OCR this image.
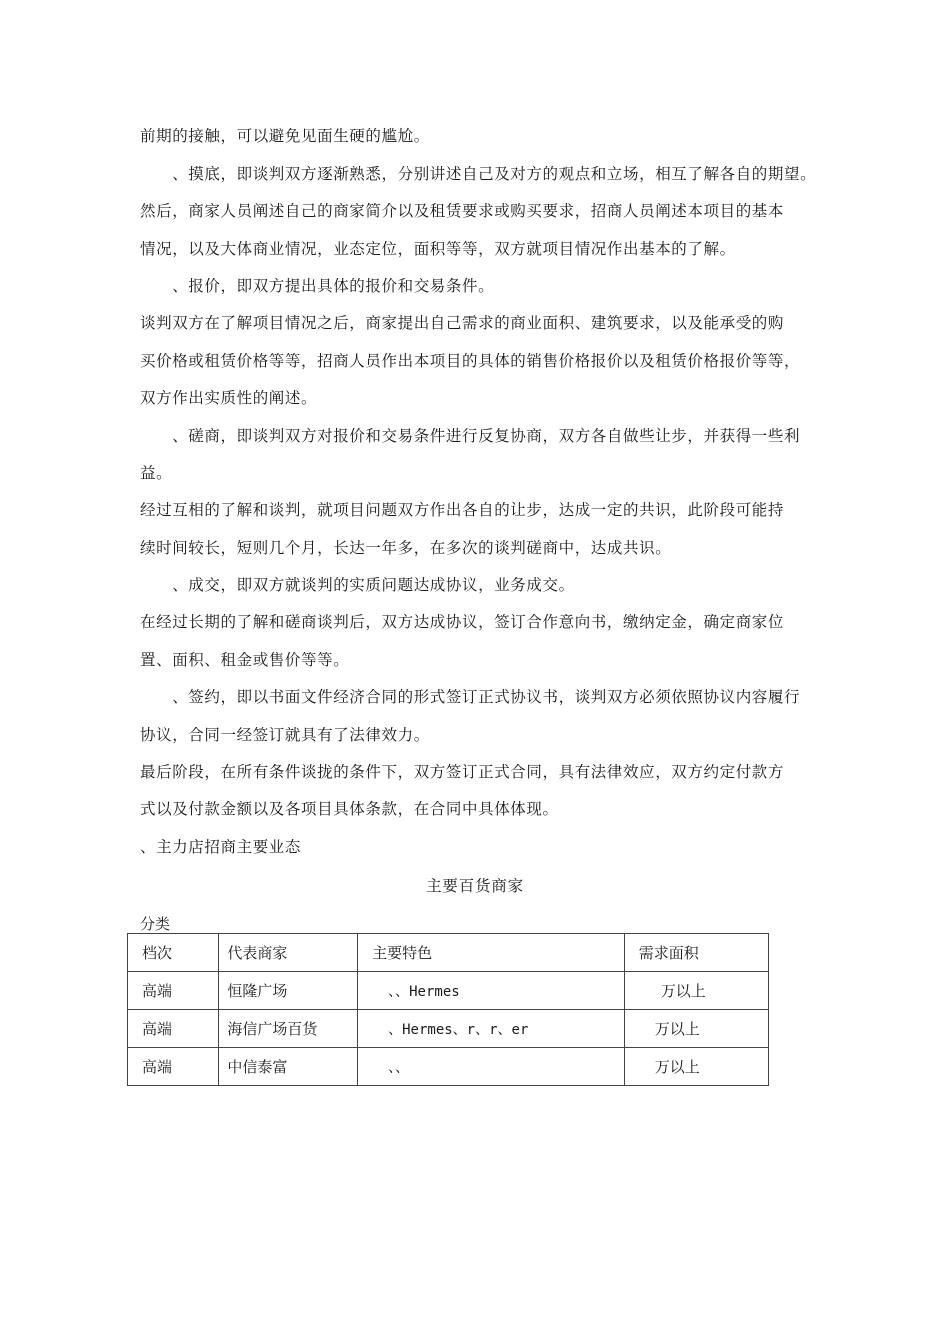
前期的接触，可以避免见面生硬的尴尬。
　　、摸底，即谈判双方逐渐熟悉，分别讲述自己及对方的观点和立场，相互了解各自的期望。
然后，商家人员阐述自己的商家简介以及租赁要求或购买要求，招商人员阐述本项目的基本
情况，以及大体商业情况，业态定位，面积等等，双方就项目情况作出基本的了解。
　　、报价，即双方提出具体的报价和交易条件。
谈判双方在了解项目情况之后，商家提出自己需求的商业面积、建筑要求，以及能承受的购
买价格或租赁价格等等，招商人员作出本项目的具体的销售价格报价以及租赁价格报价等等，
双方作出实质性的阐述。
　　、磋商，即谈判双方对报价和交易条件进行反复协商，双方各自做些让步，并获得一些利
益。
经过互相的了解和谈判，就项目问题双方作出各自的让步，达成一定的共识，此阶段可能持
续时间较长，短则几个月，长达一年多，在多次的谈判磋商中，达成共识。
　　、成交，即双方就谈判的实质问题达成协议，业务成交。
在经过长期的了解和磋商谈判后，双方达成协议，签订合作意向书，缴纳定金，确定商家位
置、面积、租金或售价等等。
　　、签约，即以书面文件经济合同的形式签订正式协议书，谈判双方必须依照协议内容履行
协议，合同一经签订就具有了法律效力。
最后阶段，在所有条件谈拢的条件下，双方签订正式合同，具有法律效应，双方约定付款方
式以及付款金额以及各项目具体条款，在合同中具体体现。
、主力店招商主要业态
主要百货商家
分类
档次	代表商家	主要特色	需求面积
高端	恒隆广场	、、Hermes	万以上
高端	海信广场百货	、Hermes、r、r、er	万以上
高端	中信泰富	、、	万以上
